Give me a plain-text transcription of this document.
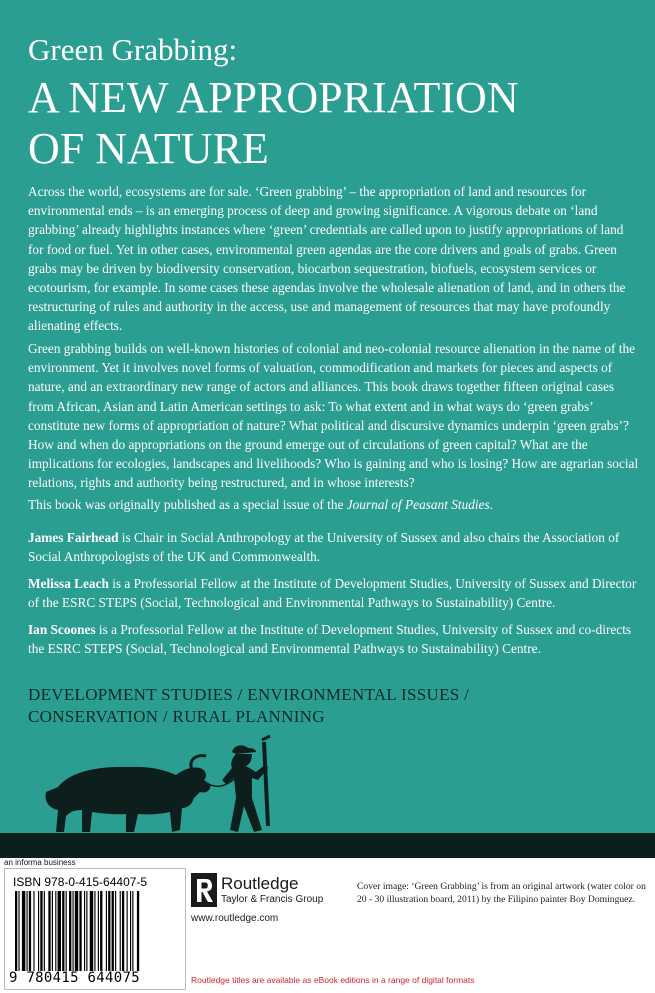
Green Grabbing:
A NEW APPROPRIATION
OF NATURE

Across the world, ecosystems are for sale. ‘Green grabbing’ – the appropriation of land and resources for environmental ends – is an emerging process of deep and growing significance. A vigorous debate on ‘land grabbing’ already highlights instances where ‘green’ credentials are called upon to justify appropriations of land for food or fuel. Yet in other cases, environmental green agendas are the core drivers and goals of grabs. Green grabs may be driven by biodiversity conservation, biocarbon sequestration, biofuels, ecosystem services or ecotourism, for example. In some cases these agendas involve the wholesale alienation of land, and in others the restructuring of rules and authority in the access, use and management of resources that may have profoundly alienating effects.

Green grabbing builds on well-known histories of colonial and neo-colonial resource alienation in the name of the environment. Yet it involves novel forms of valuation, commodification and markets for pieces and aspects of nature, and an extraordinary new range of actors and alliances. This book draws together fifteen original cases from African, Asian and Latin American settings to ask: To what extent and in what ways do ‘green grabs’ constitute new forms of appropriation of nature? What political and discursive dynamics underpin ‘green grabs’? How and when do appropriations on the ground emerge out of circulations of green capital? What are the implications for ecologies, landscapes and livelihoods? Who is gaining and who is losing? How are agrarian social relations, rights and authority being restructured, and in whose interests?

This book was originally published as a special issue of the Journal of Peasant Studies.

James Fairhead is Chair in Social Anthropology at the University of Sussex and also chairs the Association of Social Anthropologists of the UK and Commonwealth.

Melissa Leach is a Professorial Fellow at the Institute of Development Studies, University of Sussex and Director of the ESRC STEPS (Social, Technological and Environmental Pathways to Sustainability) Centre.

Ian Scoones is a Professorial Fellow at the Institute of Development Studies, University of Sussex and co-directs the ESRC STEPS (Social, Technological and Environmental Pathways to Sustainability) Centre.

DEVELOPMENT STUDIES / ENVIRONMENTAL ISSUES /
CONSERVATION / RURAL PLANNING
an informa business
ISBN 978-0-415-64407-5
9 780415 644075
Routledge
Taylor & Francis Group
www.routledge.com
Routledge titles are available as eBook editions in a range of digital formats
Cover image: ‘Green Grabbing’ is from an original artwork (water color on 20 - 30 illustration board, 2011) by the Filipino painter Boy Dominguez.
